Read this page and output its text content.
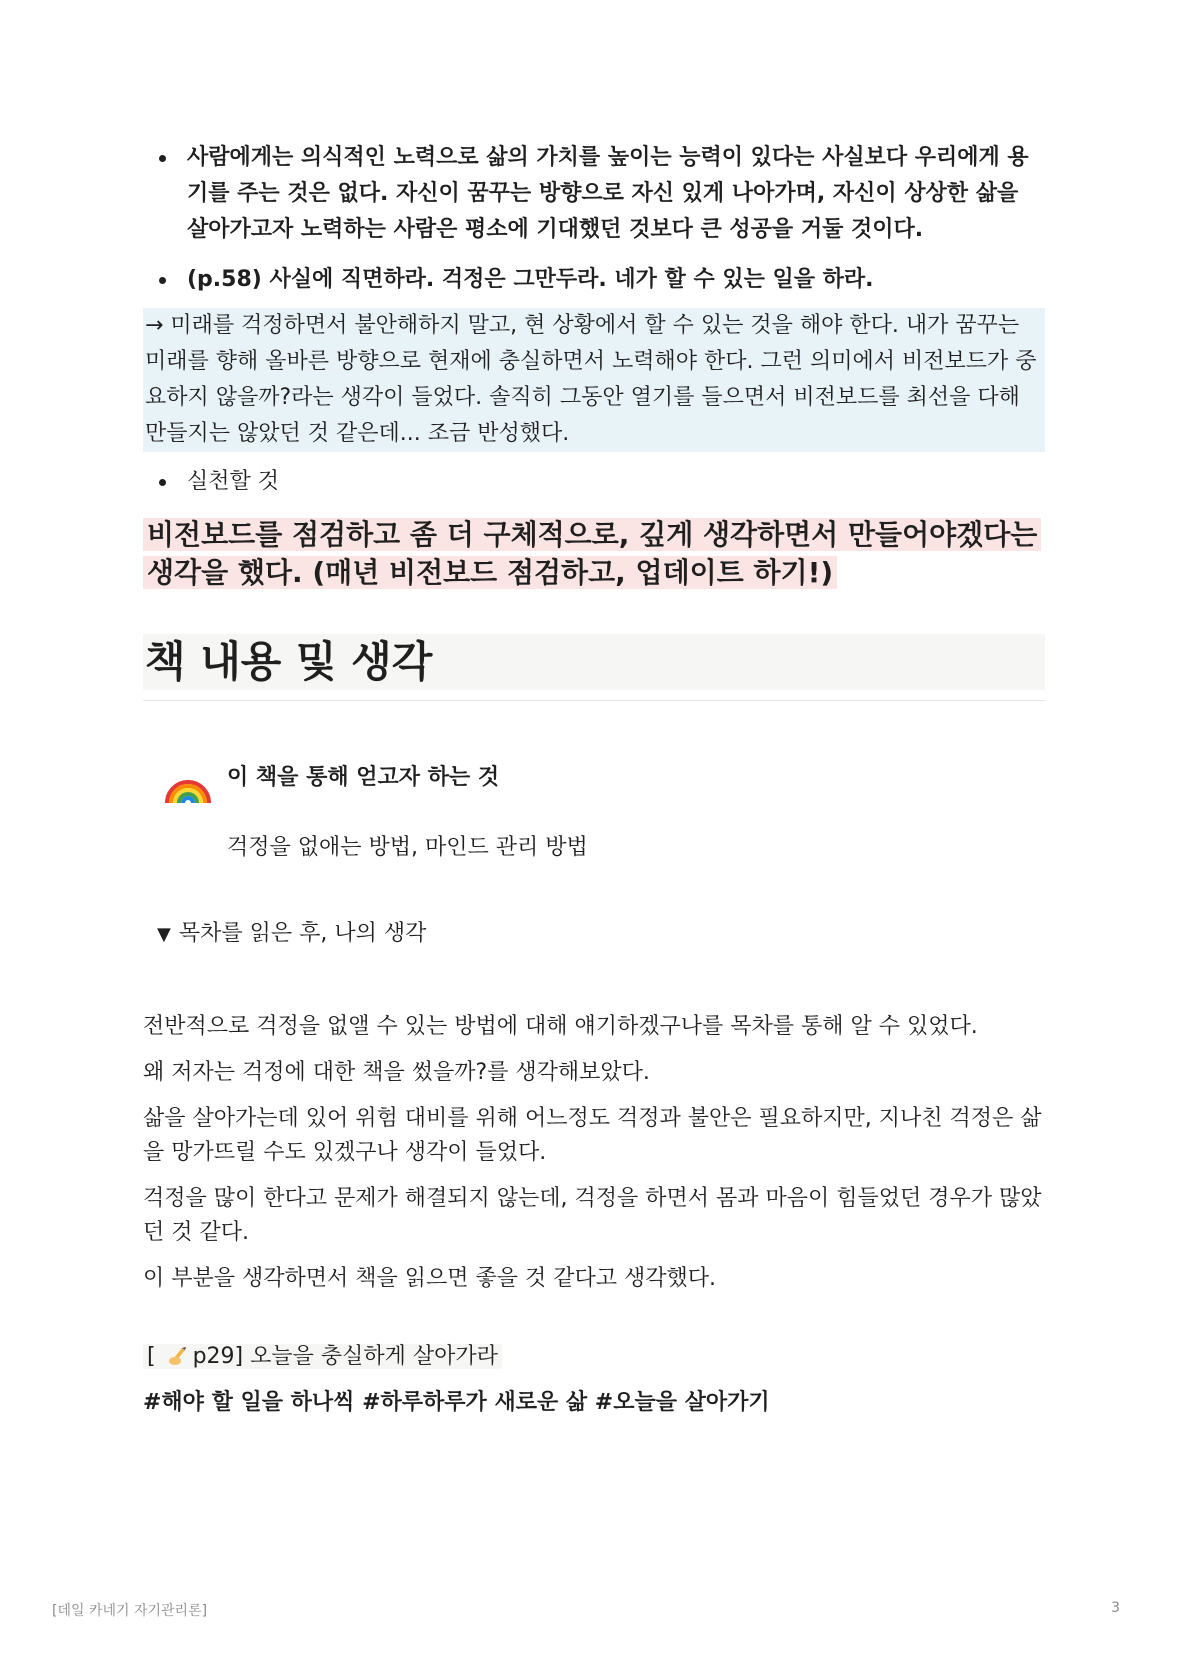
사람에게는 의식적인 노력으로 삶의 가치를 높이는 능력이 있다는 사실보다 우리에게 용기를 주는 것은 없다. 자신이 꿈꾸는 방향으로 자신 있게 나아가며, 자신이 상상한 삶을 살아가고자 노력하는 사람은 평소에 기대했던 것보다 큰 성공을 거둘 것이다.
(p.58) 사실에 직면하라. 걱정은 그만두라. 네가 할 수 있는 일을 하라.
→ 미래를 걱정하면서 불안해하지 말고, 현 상황에서 할 수 있는 것을 해야 한다. 내가 꿈꾸는 미래를 향해 올바른 방향으로 현재에 충실하면서 노력해야 한다. 그런 의미에서 비전보드가 중요하지 않을까?라는 생각이 들었다. 솔직히 그동안 열기를 들으면서 비전보드를 최선을 다해 만들지는 않았던 것 같은데... 조금 반성했다.
실천할 것
비전보드를 점검하고 좀 더 구체적으로, 깊게 생각하면서 만들어야겠다는 생각을 했다. (매년 비전보드 점검하고, 업데이트 하기!)
책 내용 및 생각
이 책을 통해 얻고자 하는 것
걱정을 없애는 방법, 마인드 관리 방법
▼ 목차를 읽은 후, 나의 생각
전반적으로 걱정을 없앨 수 있는 방법에 대해 얘기하겠구나를 목차를 통해 알 수 있었다.
왜 저자는 걱정에 대한 책을 썼을까?를 생각해보았다.
삶을 살아가는데 있어 위험 대비를 위해 어느정도 걱정과 불안은 필요하지만, 지나친 걱정은 삶을 망가뜨릴 수도 있겠구나 생각이 들었다.
걱정을 많이 한다고 문제가 해결되지 않는데, 걱정을 하면서 몸과 마음이 힘들었던 경우가 많았던 것 같다.
이 부분을 생각하면서 책을 읽으면 좋을 것 같다고 생각했다.
[ p29] 오늘을 충실하게 살아가라
#해야 할 일을 하나씩 #하루하루가 새로운 삶 #오늘을 살아가기
[데일 카네기 자기관리론]	3
